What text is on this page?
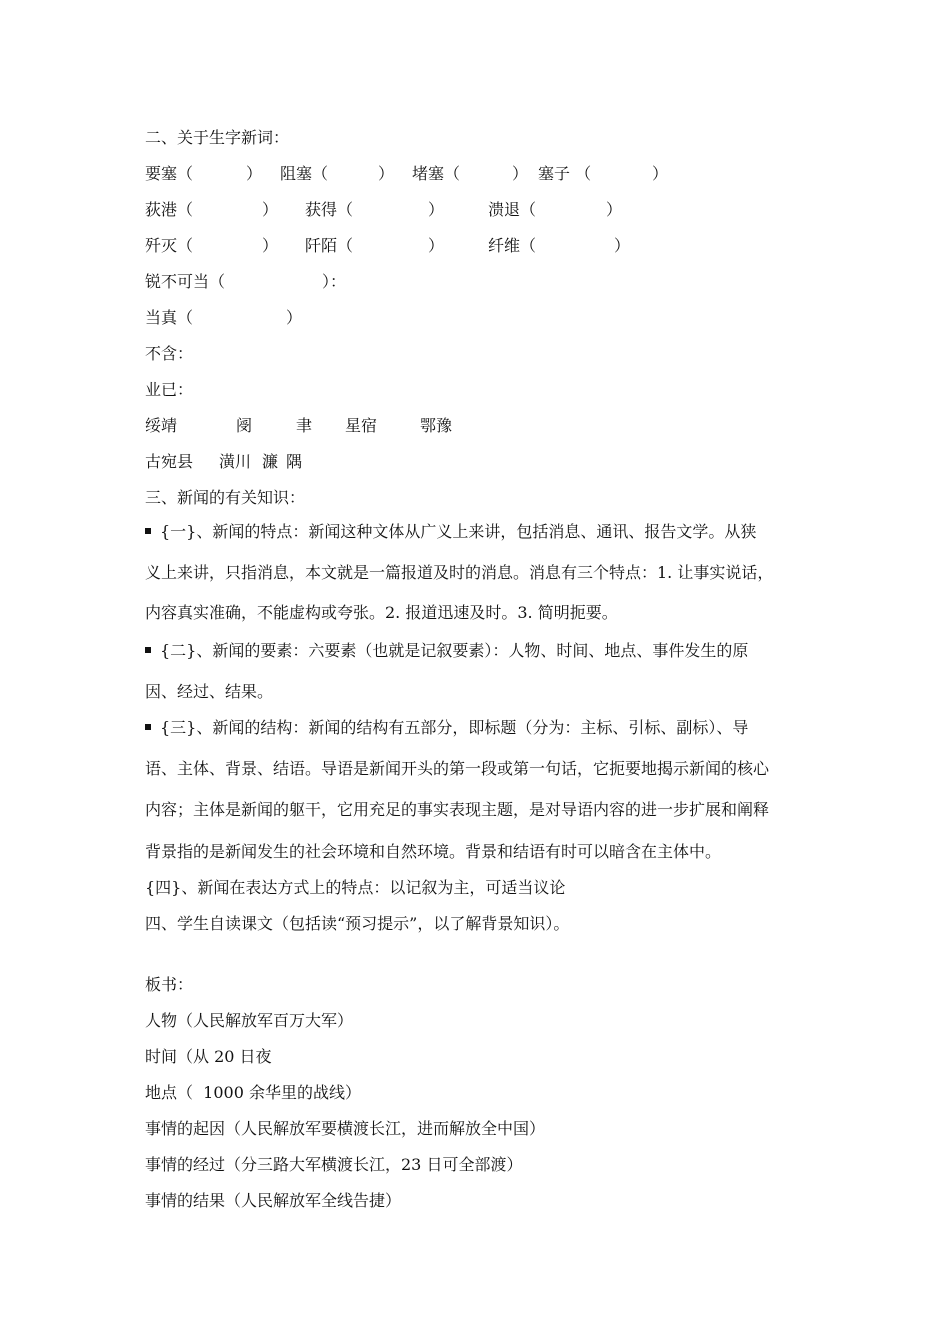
二、关于生字新词：
要塞（	） 阻塞（	） 堵塞（	） 塞子 （	）
荻港（	） 获得（	）	溃退（	）
歼灭（	） 阡陌（	）	纤维（	）
锐不可当（	）：
当真（	）
不含：
业已：
绥靖	阌	聿 星宿	鄂豫
古宛县 潢川 濂 隅
三、新闻的有关知识：
{一}、新闻的特点：新闻这种文体从广义上来讲，包括消息、通讯、报告文学。从狭
义上来讲，只指消息，本文就是一篇报道及时的消息。消息有三个特点：1. 让事实说话，
内容真实准确，不能虚构或夸张。2. 报道迅速及时。3. 简明扼要。
{二}、新闻的要素：六要素（也就是记叙要素）：人物、时间、地点、事件发生的原
因、经过、结果。
{三}、新闻的结构：新闻的结构有五部分，即标题（分为：主标、引标、副标）、导
语、主体、背景、结语。导语是新闻开头的第一段或第一句话，它扼要地揭示新闻的核心
内容；主体是新闻的躯干，它用充足的事实表现主题，是对导语内容的进一步扩展和阐释
背景指的是新闻发生的社会环境和自然环境。背景和结语有时可以暗含在主体中。
{四}、新闻在表达方式上的特点：以记叙为主，可适当议论
四、学生自读课文（包括读“预习提示”，以了解背景知识）。
板书：
人物（人民解放军百万大军）
时间（从 20 日夜
地点（  1000 余华里的战线）
事情的起因（人民解放军要横渡长江，进而解放全中国）
事情的经过（分三路大军横渡长江，23 日可全部渡）
事情的结果（人民解放军全线告捷）
